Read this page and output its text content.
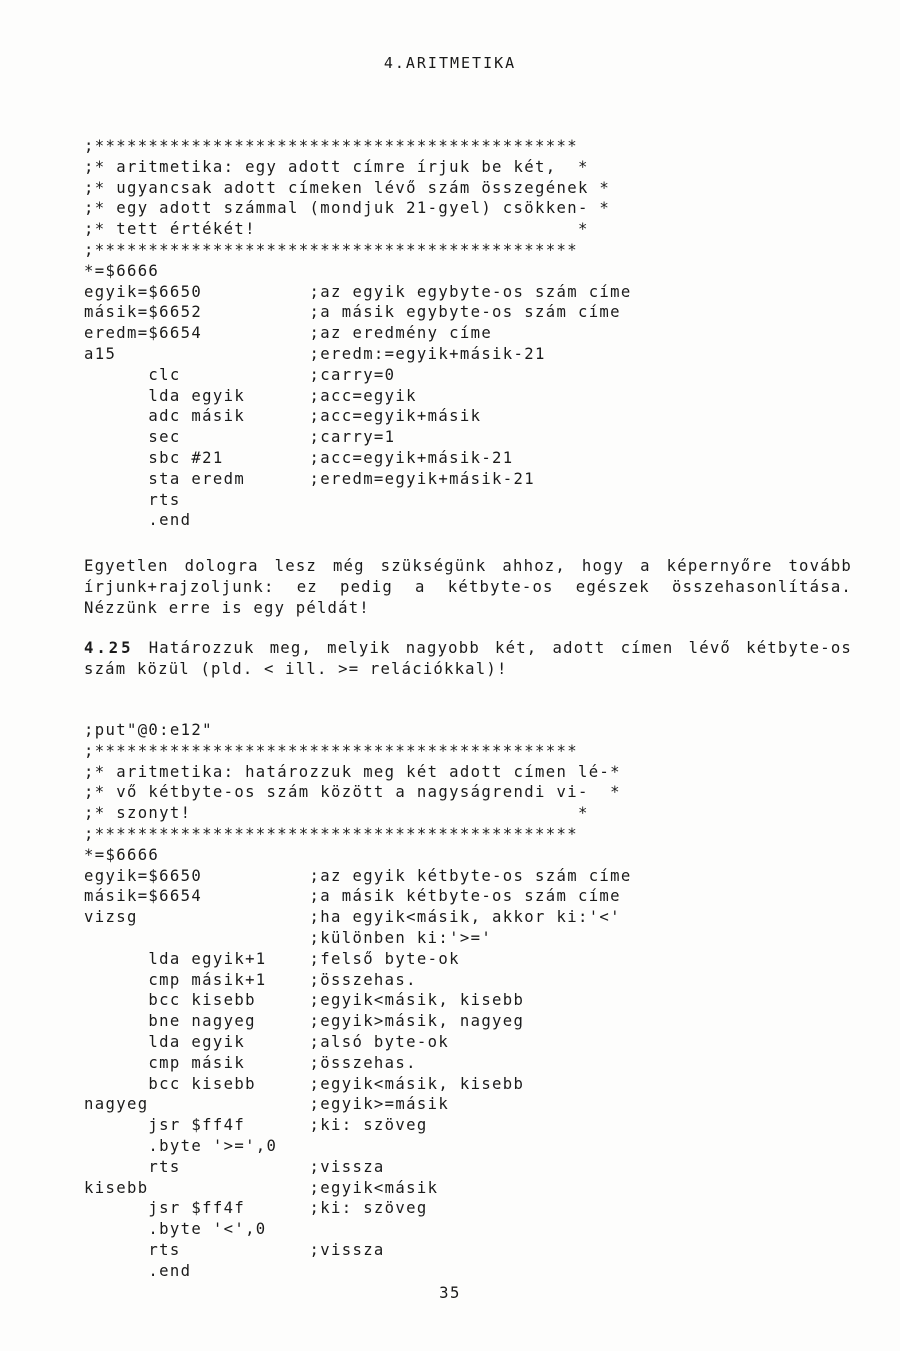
4.ARITMETIKA
;*********************************************
;* aritmetika: egy adott címre írjuk be két,  *
;* ugyancsak adott címeken lévő szám összegének *
;* egy adott számmal (mondjuk 21-gyel) csökken- *
;* tett értékét!                              *
;*********************************************
*=$6666
egyik=$6650          ;az egyik egybyte-os szám címe
másik=$6652          ;a másik egybyte-os szám címe
eredm=$6654          ;az eredmény címe
a15                  ;eredm:=egyik+másik-21
clc            ;carry=0
lda egyik      ;acc=egyik
adc másik      ;acc=egyik+másik
sec            ;carry=1
sbc #21        ;acc=egyik+másik-21
sta eredm      ;eredm=egyik+másik-21
rts
.end

Egyetlen dologra lesz még szükségünk ahhoz, hogy a képernyőre tovább írjunk+rajzoljunk: ez pedig a kétbyte-os egészek összehasonlítása. Nézzünk erre is egy példát!

4.25 Határozzuk meg, melyik nagyobb két, adott címen lévő kétbyte-os szám közül (pld. < ill. >= relációkkal)!

;put"@0:e12"
;*********************************************
;* aritmetika: határozzuk meg két adott címen lé-*
;* vő kétbyte-os szám között a nagyságrendi vi-  *
;* szonyt!                                    *
;*********************************************
*=$6666
egyik=$6650          ;az egyik kétbyte-os szám címe
másik=$6654          ;a másik kétbyte-os szám címe
vizsg                ;ha egyik<másik, akkor ki:'<'
;különben ki:'>='
lda egyik+1    ;felső byte-ok
cmp másik+1    ;összehas.
bcc kisebb     ;egyik<másik, kisebb
bne nagyeg     ;egyik>másik, nagyeg
lda egyik      ;alsó byte-ok
cmp másik      ;összehas.
bcc kisebb     ;egyik<másik, kisebb
nagyeg               ;egyik>=másik
jsr $ff4f      ;ki: szöveg
.byte '>=',0
rts            ;vissza
kisebb               ;egyik<másik
jsr $ff4f      ;ki: szöveg
.byte '<',0
rts            ;vissza
.end
35
